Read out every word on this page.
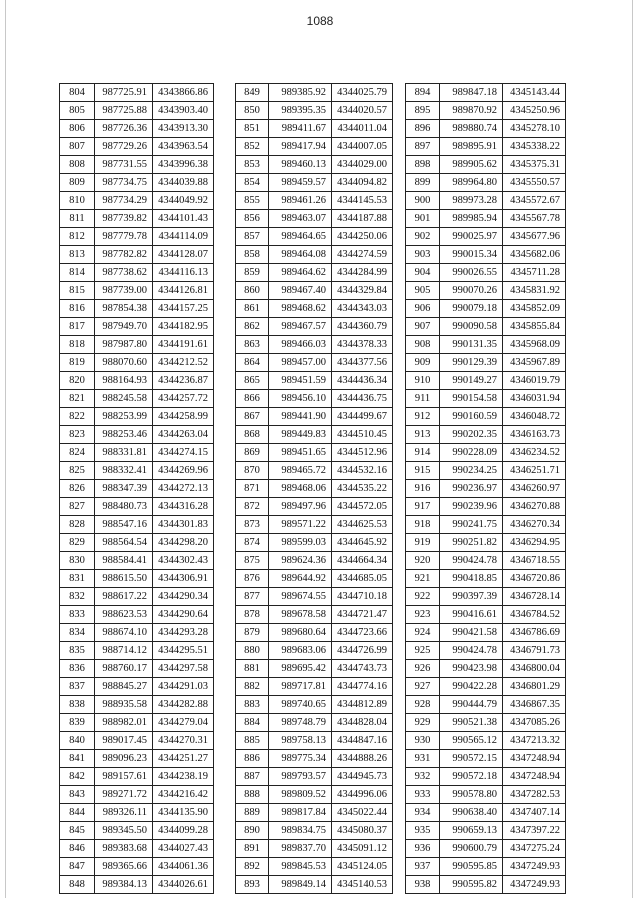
1088
804	987725.91	4343866.86
805	987725.88	4343903.40
806	987726.36	4343913.30
807	987729.26	4343963.54
808	987731.55	4343996.38
809	987734.75	4344039.88
810	987734.29	4344049.92
811	987739.82	4344101.43
812	987779.78	4344114.09
813	987782.82	4344128.07
814	987738.62	4344116.13
815	987739.00	4344126.81
816	987854.38	4344157.25
817	987949.70	4344182.95
818	987987.80	4344191.61
819	988070.60	4344212.52
820	988164.93	4344236.87
821	988245.58	4344257.72
822	988253.99	4344258.99
823	988253.46	4344263.04
824	988331.81	4344274.15
825	988332.41	4344269.96
826	988347.39	4344272.13
827	988480.73	4344316.28
828	988547.16	4344301.83
829	988564.54	4344298.20
830	988584.41	4344302.43
831	988615.50	4344306.91
832	988617.22	4344290.34
833	988623.53	4344290.64
834	988674.10	4344293.28
835	988714.12	4344295.51
836	988760.17	4344297.58
837	988845.27	4344291.03
838	988935.58	4344282.88
839	988982.01	4344279.04
840	989017.45	4344270.31
841	989096.23	4344251.27
842	989157.61	4344238.19
843	989271.72	4344216.42
844	989326.11	4344135.90
845	989345.50	4344099.28
846	989383.68	4344027.43
847	989365.66	4344061.36
848	989384.13	4344026.61
849	989385.92	4344025.79
850	989395.35	4344020.57
851	989411.67	4344011.04
852	989417.94	4344007.05
853	989460.13	4344029.00
854	989459.57	4344094.82
855	989461.26	4344145.53
856	989463.07	4344187.88
857	989464.65	4344250.06
858	989464.08	4344274.59
859	989464.62	4344284.99
860	989467.40	4344329.84
861	989468.62	4344343.03
862	989467.57	4344360.79
863	989466.03	4344378.33
864	989457.00	4344377.56
865	989451.59	4344436.34
866	989456.10	4344436.75
867	989441.90	4344499.67
868	989449.83	4344510.45
869	989451.65	4344512.96
870	989465.72	4344532.16
871	989468.06	4344535.22
872	989497.96	4344572.05
873	989571.22	4344625.53
874	989599.03	4344645.92
875	989624.36	4344664.34
876	989644.92	4344685.05
877	989674.55	4344710.18
878	989678.58	4344721.47
879	989680.64	4344723.66
880	989683.06	4344726.99
881	989695.42	4344743.73
882	989717.81	4344774.16
883	989740.65	4344812.89
884	989748.79	4344828.04
885	989758.13	4344847.16
886	989775.34	4344888.26
887	989793.57	4344945.73
888	989809.52	4344996.06
889	989817.84	4345022.44
890	989834.75	4345080.37
891	989837.70	4345091.12
892	989845.53	4345124.05
893	989849.14	4345140.53
894	989847.18	4345143.44
895	989870.92	4345250.96
896	989880.74	4345278.10
897	989895.91	4345338.22
898	989905.62	4345375.31
899	989964.80	4345550.57
900	989973.28	4345572.67
901	989985.94	4345567.78
902	990025.97	4345677.96
903	990015.34	4345682.06
904	990026.55	4345711.28
905	990070.26	4345831.92
906	990079.18	4345852.09
907	990090.58	4345855.84
908	990131.35	4345968.09
909	990129.39	4345967.89
910	990149.27	4346019.79
911	990154.58	4346031.94
912	990160.59	4346048.72
913	990202.35	4346163.73
914	990228.09	4346234.52
915	990234.25	4346251.71
916	990236.97	4346260.97
917	990239.96	4346270.88
918	990241.75	4346270.34
919	990251.82	4346294.95
920	990424.78	4346718.55
921	990418.85	4346720.86
922	990397.39	4346728.14
923	990416.61	4346784.52
924	990421.58	4346786.69
925	990424.78	4346791.73
926	990423.98	4346800.04
927	990422.28	4346801.29
928	990444.79	4346867.35
929	990521.38	4347085.26
930	990565.12	4347213.32
931	990572.15	4347248.94
932	990572.18	4347248.94
933	990578.80	4347282.53
934	990638.40	4347407.14
935	990659.13	4347397.22
936	990600.79	4347275.24
937	990595.85	4347249.93
938	990595.82	4347249.93
